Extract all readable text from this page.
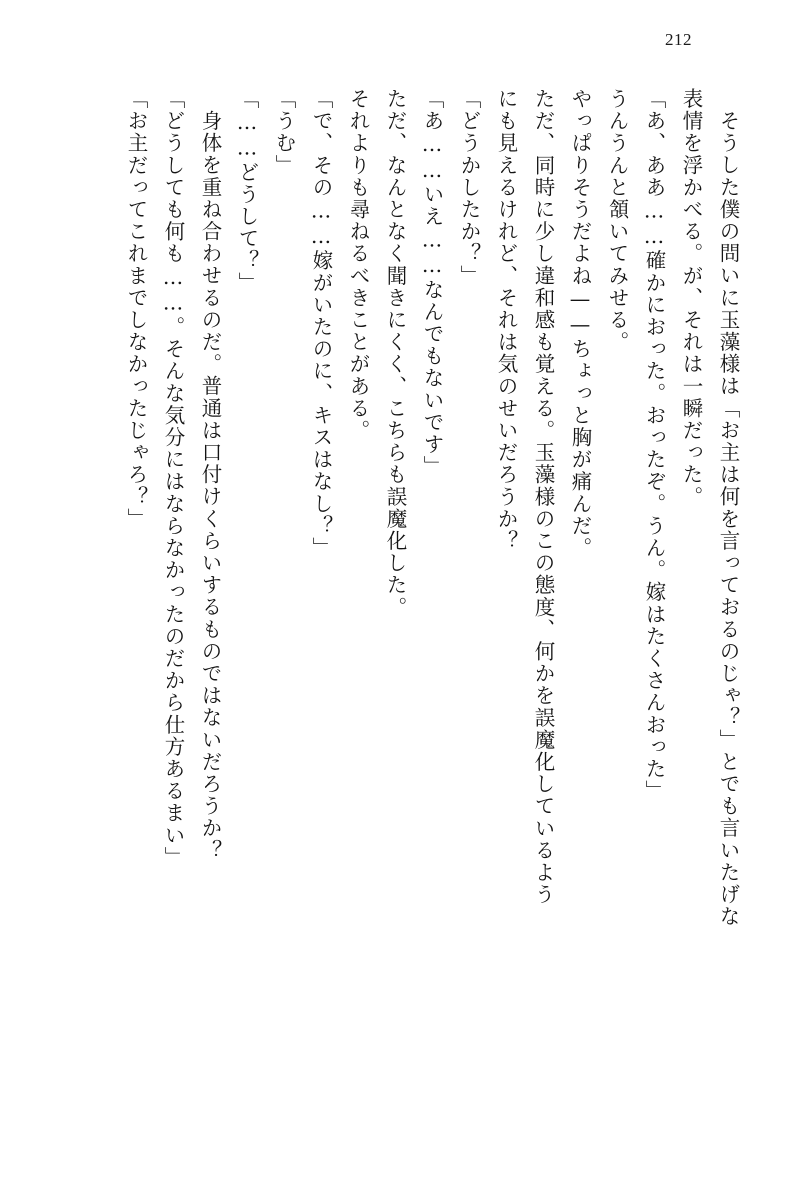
212
そうした僕の問いに玉藻様は「お主は何を言っておるのじゃ？」とでも言いたげな
表情を浮かべる。が、それは一瞬だった。
「あ、ああ……確かにおった。おったぞ。うん。嫁はたくさんおった」
うんうんと頷いてみせる。
やっぱりそうだよね——ちょっと胸が痛んだ。
ただ、同時に少し違和感も覚える。玉藻様のこの態度、何かを誤魔化しているよう
にも見えるけれど、それは気のせいだろうか？
「どうかしたか？」
「あ……いえ……なんでもないです」
ただ、なんとなく聞きにくく、こちらも誤魔化した。
それよりも尋ねるべきことがある。
「で、その……嫁がいたのに、キスはなし？」
「うむ」
「……どうして？」
身体を重ね合わせるのだ。普通は口付けくらいするものではないだろうか？
「どうしても何も……。そんな気分にはならなかったのだから仕方あるまい」
「お主だってこれまでしなかったじゃろ？」
